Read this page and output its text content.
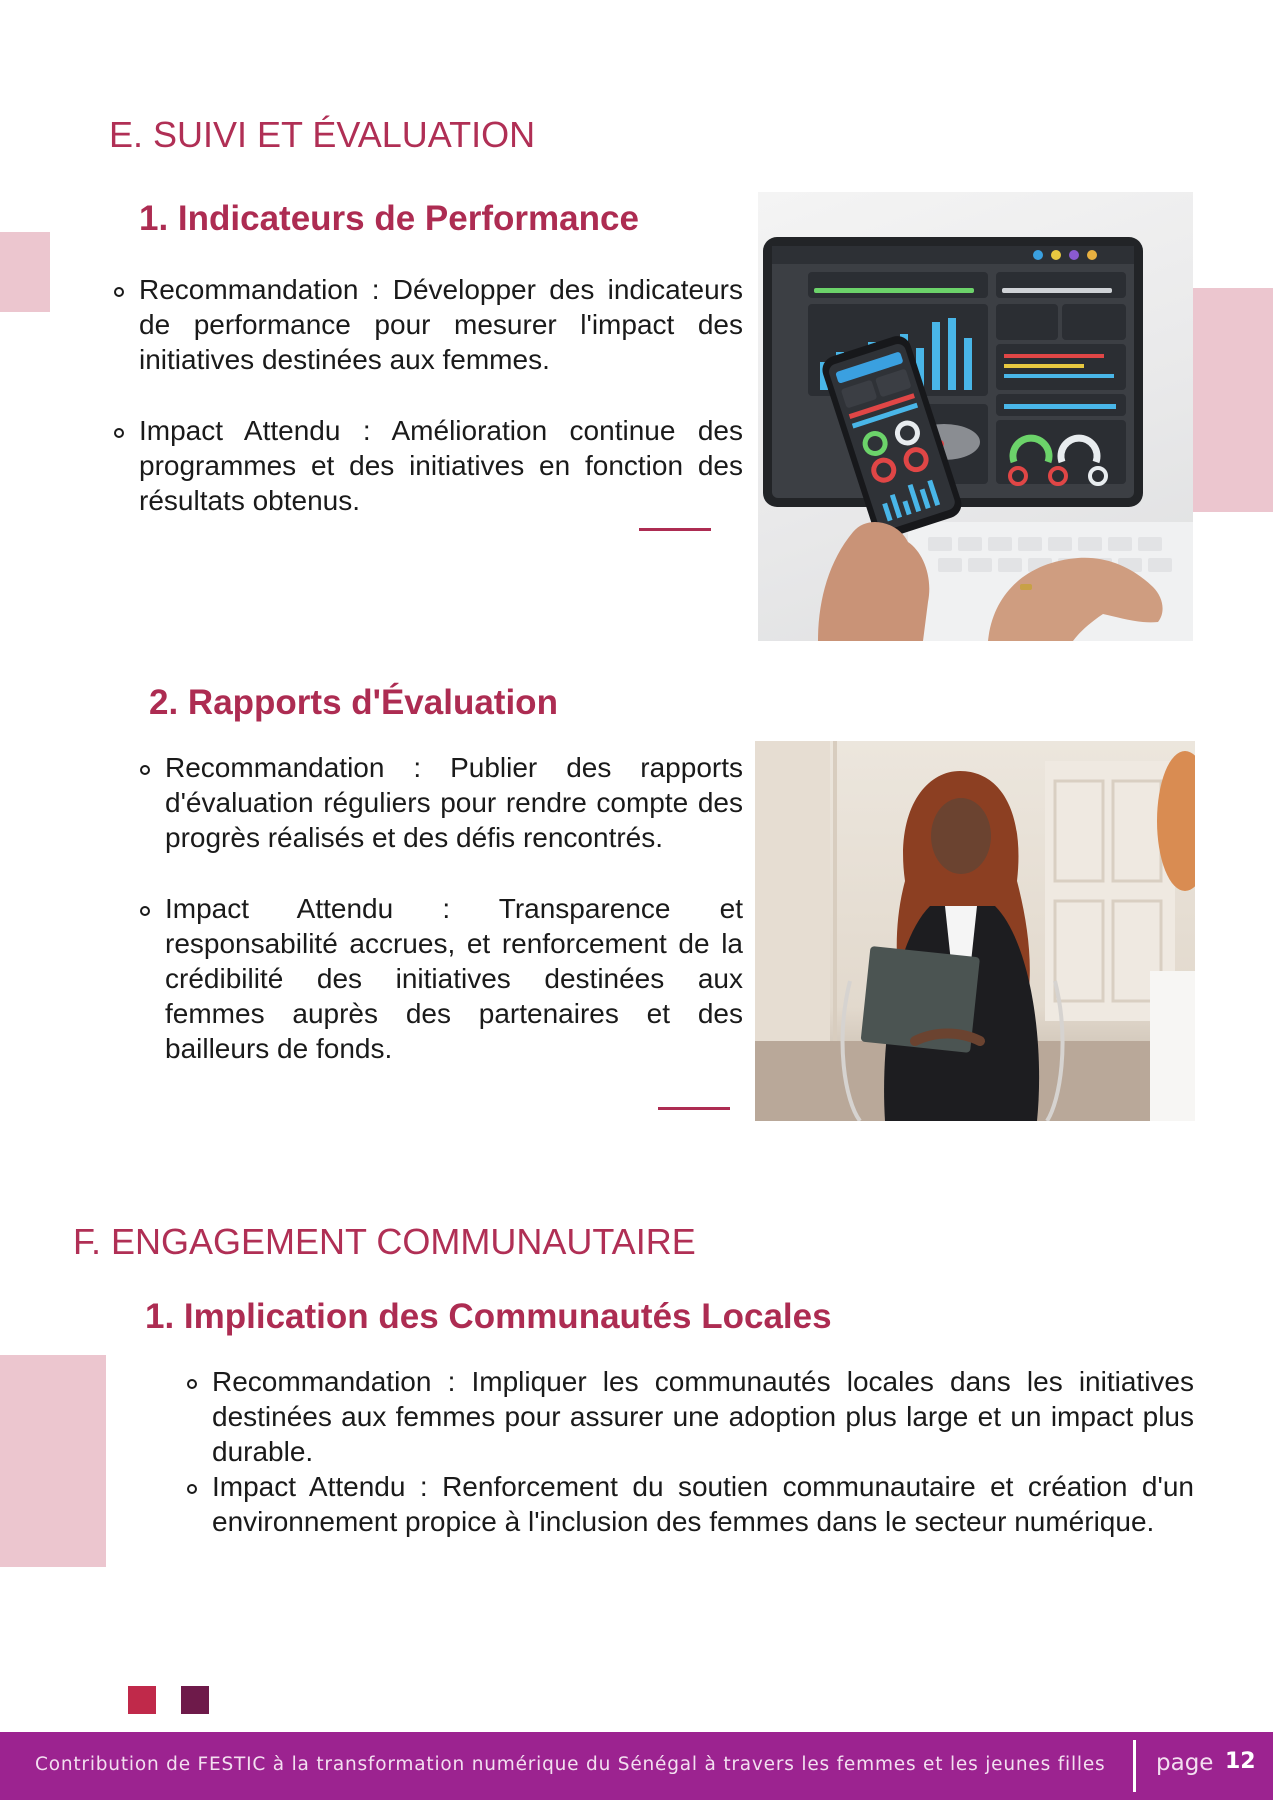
E. SUIVI ET ÉVALUATION
1. Indicateurs de Performance
Recommandation : Développer des indicateurs de performance pour mesurer l'impact des initiatives destinées aux femmes.
Impact Attendu : Amélioration continue des programmes et des initiatives en fonction des résultats obtenus.
2. Rapports d'Évaluation
Recommandation : Publier des rapports d'évaluation réguliers pour rendre compte des progrès réalisés et des défis rencontrés.
Impact Attendu : Transparence et responsabilité accrues, et renforcement de la crédibilité des initiatives destinées aux femmes auprès des partenaires et des bailleurs de fonds.
F. ENGAGEMENT COMMUNAUTAIRE
1. Implication des Communautés Locales
Recommandation : Impliquer les communautés locales dans les initiatives destinées aux femmes pour assurer une adoption plus large et un impact plus durable.
Impact Attendu : Renforcement du soutien communautaire et création d'un environnement propice à l'inclusion des femmes dans le secteur numérique.
Contribution de FESTIC à la transformation numérique du Sénégal à travers les femmes et les jeunes filles page 12
